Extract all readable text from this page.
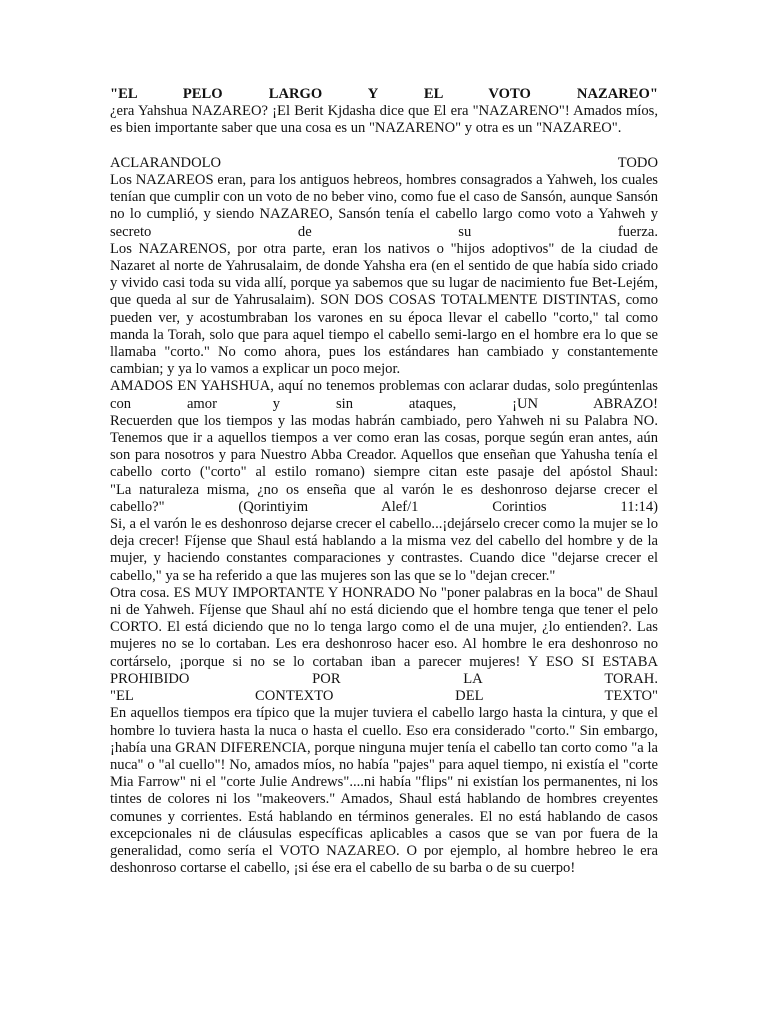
"EL PELO LARGO Y EL VOTO NAZAREO"

¿era Yahshua NAZAREO? ¡El Berit Kjdasha dice que El era "NAZARENO"! Amados míos, es bien importante saber que una cosa es un "NAZARENO" y otra es un "NAZAREO".

ACLARANDOLO TODO

Los NAZAREOS eran, para los antiguos hebreos, hombres consagrados a Yahweh, los cuales tenían que cumplir con un voto de no beber vino, como fue el caso de Sansón, aunque Sansón no lo cumplió, y siendo NAZAREO, Sansón tenía el cabello largo como voto a Yahweh y secreto de su fuerza.

Los NAZARENOS, por otra parte, eran los nativos o "hijos adoptivos" de la ciudad de Nazaret al norte de Yahrusalaim, de donde Yahsha era (en el sentido de que había sido criado y vivido casi toda su vida allí, porque ya sabemos que su lugar de nacimiento fue Bet-Lejém, que queda al sur de Yahrusalaim). SON DOS COSAS TOTALMENTE DISTINTAS, como pueden ver, y acostumbraban los varones en su época llevar el cabello "corto," tal como manda la Torah, solo que para aquel tiempo el cabello semi-largo en el hombre era lo que se llamaba "corto." No como ahora, pues los estándares han cambiado y constantemente cambian; y ya lo vamos a explicar un poco mejor.

AMADOS EN YAHSHUA, aquí no tenemos problemas con aclarar dudas, solo pregúntenlas con amor y sin ataques, ¡UN ABRAZO!

Recuerden que los tiempos y las modas habrán cambiado, pero Yahweh ni su Palabra NO. Tenemos que ir a aquellos tiempos a ver como eran las cosas, porque según eran antes, aún son para nosotros y para Nuestro Abba Creador. Aquellos que enseñan que Yahusha tenía el cabello corto ("corto" al estilo romano) siempre citan este pasaje del apóstol Shaul:

"La naturaleza misma, ¿no os enseña que al varón le es deshonroso dejarse crecer el cabello?" (Qorintiyim Alef/1 Corintios 11:14)

Si, a el varón le es deshonroso dejarse crecer el cabello...¡dejárselo crecer como la mujer se lo deja crecer! Fíjense que Shaul está hablando a la misma vez del cabello del hombre y de la mujer, y haciendo constantes comparaciones y contrastes. Cuando dice "dejarse crecer el cabello," ya se ha referido a que las mujeres son las que se lo "dejan crecer."

Otra cosa. ES MUY IMPORTANTE Y HONRADO No "poner palabras en la boca" de Shaul ni de Yahweh. Fíjense que Shaul ahí no está diciendo que el hombre tenga que tener el pelo CORTO. El está diciendo que no lo tenga largo como el de una mujer, ¿lo entienden?. Las mujeres no se lo cortaban. Les era deshonroso hacer eso. Al hombre le era deshonroso no cortárselo, ¡porque si no se lo cortaban iban a parecer mujeres! Y ESO SI ESTABA PROHIBIDO POR LA TORAH.

"EL CONTEXTO DEL TEXTO"

En aquellos tiempos era típico que la mujer tuviera el cabello largo hasta la cintura, y que el hombre lo tuviera hasta la nuca o hasta el cuello. Eso era considerado "corto." Sin embargo, ¡había una GRAN DIFERENCIA, porque ninguna mujer tenía el cabello tan corto como "a la nuca" o "al cuello"! No, amados míos, no había "pajes" para aquel tiempo, ni existía el "corte Mia Farrow" ni el "corte Julie Andrews"....ni había "flips" ni existían los permanentes, ni los tintes de colores ni los "makeovers." Amados, Shaul está hablando de hombres creyentes comunes y corrientes. Está hablando en términos generales. El no está hablando de casos excepcionales ni de cláusulas específicas aplicables a casos que se van por fuera de la generalidad, como sería el VOTO NAZAREO. O por ejemplo, al hombre hebreo le era deshonroso cortarse el cabello, ¡si ése era el cabello de su barba o de su cuerpo!
